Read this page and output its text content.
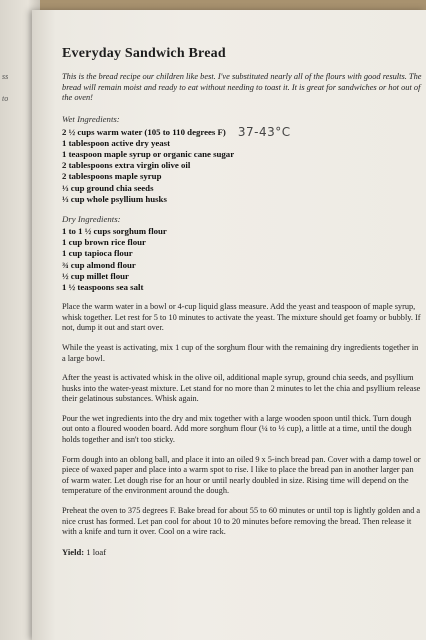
ss
to
Everyday Sandwich Bread
This is the bread recipe our children like best. I've substituted nearly all of the flours with good results. The bread will remain moist and ready to eat without needing to toast it. It is great for sandwiches or hot out of the oven!
Wet Ingredients:
2 ½ cups warm water (105 to 110 degrees F) 37-43°C
1 tablespoon active dry yeast
1 teaspoon maple syrup or organic cane sugar
2 tablespoons extra virgin olive oil
2 tablespoons maple syrup
⅓ cup ground chia seeds
⅓ cup whole psyllium husks
Dry Ingredients:
1 to 1 ½ cups sorghum flour
1 cup brown rice flour
1 cup tapioca flour
¾ cup almond flour
½ cup millet flour
1 ½ teaspoons sea salt

Place the warm water in a bowl or 4-cup liquid glass measure. Add the yeast and teaspoon of maple syrup, whisk together. Let rest for 5 to 10 minutes to activate the yeast. The mixture should get foamy or bubbly. If not, dump it out and start over.

While the yeast is activating, mix 1 cup of the sorghum flour with the remaining dry ingredients together in a large bowl.

After the yeast is activated whisk in the olive oil, additional maple syrup, ground chia seeds, and psyllium husks into the water-yeast mixture. Let stand for no more than 2 minutes to let the chia and psyllium release their gelatinous substances. Whisk again.

Pour the wet ingredients into the dry and mix together with a large wooden spoon until thick. Turn dough out onto a floured wooden board. Add more sorghum flour (¼ to ½ cup), a little at a time, until the dough holds together and isn't too sticky.

Form dough into an oblong ball, and place it into an oiled 9 x 5-inch bread pan. Cover with a damp towel or piece of waxed paper and place into a warm spot to rise. I like to place the bread pan in another larger pan of warm water. Let dough rise for an hour or until nearly doubled in size. Rising time will depend on the temperature of the environment around the dough.

Preheat the oven to 375 degrees F. Bake bread for about 55 to 60 minutes or until top is lightly golden and a nice crust has formed. Let pan cool for about 10 to 20 minutes before removing the bread. Then release it with a knife and turn it over. Cool on a wire rack.

Yield: 1 loaf
